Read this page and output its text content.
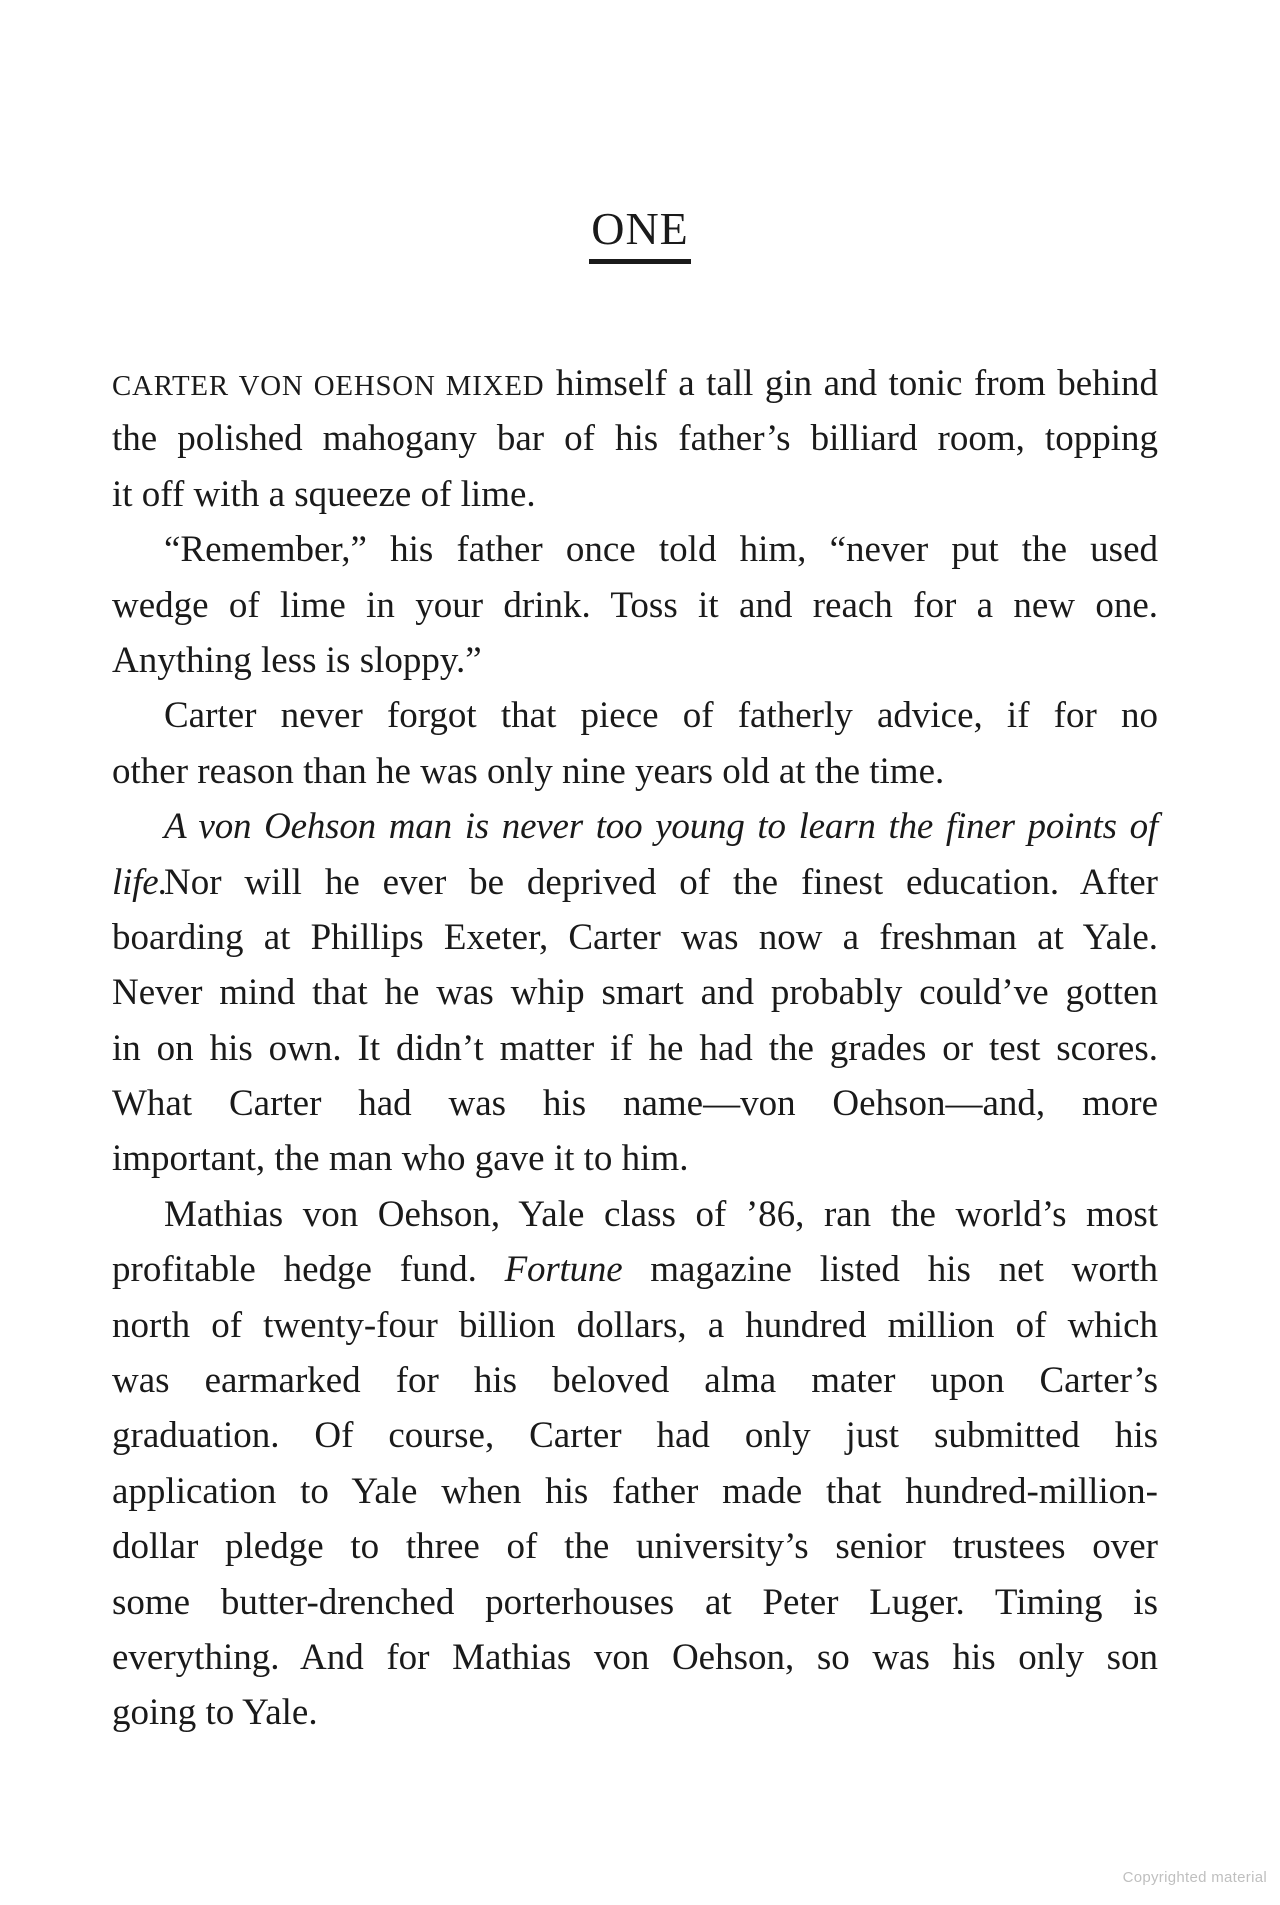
ONE
CARTER VON OEHSON MIXED himself a tall gin and tonic from behind
the polished mahogany bar of his father’s billiard room, topping
it off with a squeeze of lime.
“Remember,” his father once told him, “never put the used
wedge of lime in your drink. Toss it and reach for a new one.
Anything less is sloppy.”
Carter never forgot that piece of fatherly advice, if for no
other reason than he was only nine years old at the time.
A von Oehson man is never too young to learn the finer points of life.
Nor will he ever be deprived of the finest education. After
boarding at Phillips Exeter, Carter was now a freshman at Yale.
Never mind that he was whip smart and probably could’ve gotten
in on his own. It didn’t matter if he had the grades or test scores.
What Carter had was his name—von Oehson—and, more
important, the man who gave it to him.
Mathias von Oehson, Yale class of ’86, ran the world’s most
profitable hedge fund. Fortune magazine listed his net worth
north of twenty-four billion dollars, a hundred million of which
was earmarked for his beloved alma mater upon Carter’s
graduation. Of course, Carter had only just submitted his
application to Yale when his father made that hundred-million-
dollar pledge to three of the university’s senior trustees over
some butter-drenched porterhouses at Peter Luger. Timing is
everything. And for Mathias von Oehson, so was his only son
going to Yale.
Copyrighted material
